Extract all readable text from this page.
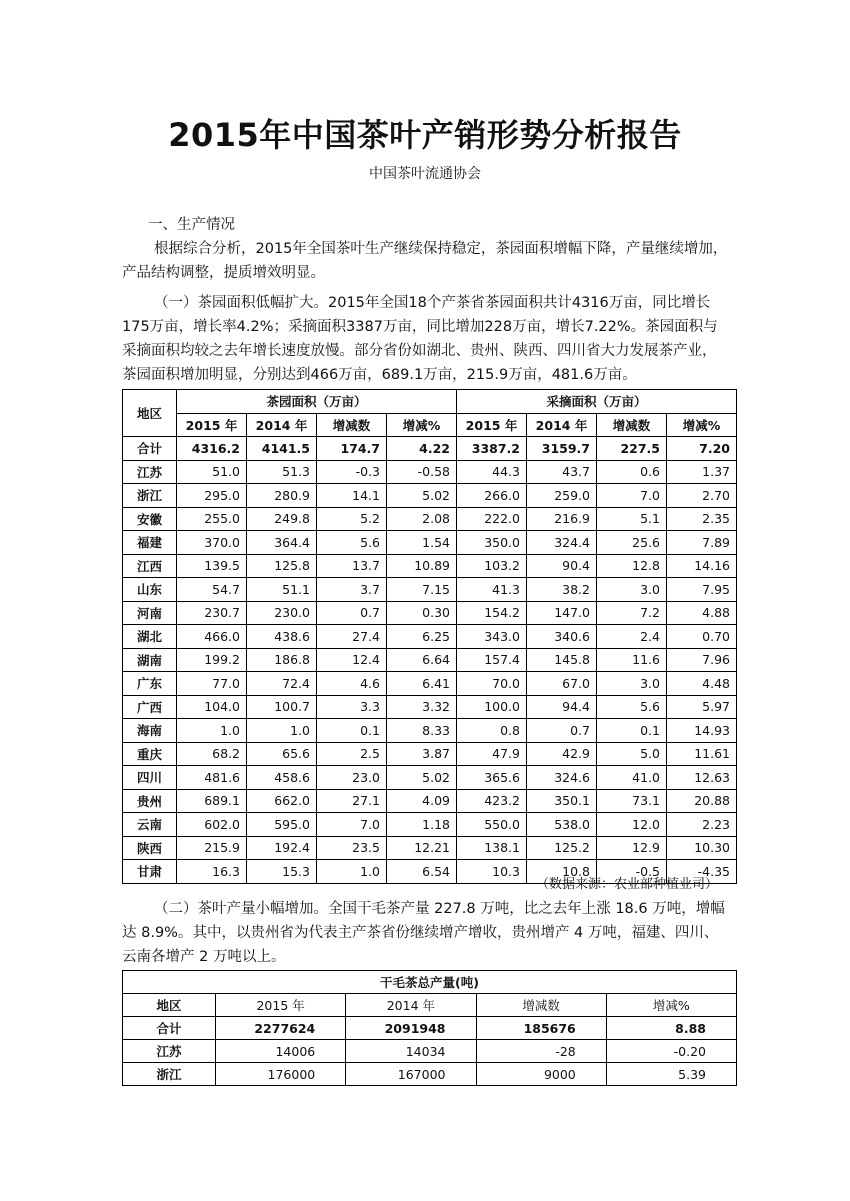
2015年中国茶叶产销形势分析报告

中国茶叶流通协会

一、生产情况

根据综合分析，2015年全国茶叶生产继续保持稳定，茶园面积增幅下降，产量继续增加，产品结构调整，提质增效明显。

（一）茶园面积低幅扩大。2015年全国18个产茶省茶园面积共计4316万亩，同比增长175万亩，增长率4.2%；采摘面积3387万亩，同比增加228万亩，增长7.22%。茶园面积与采摘面积均较之去年增长速度放慢。部分省份如湖北、贵州、陕西、四川省大力发展茶产业，茶园面积增加明显，分别达到466万亩，689.1万亩，215.9万亩，481.6万亩。

地区	茶园面积（万亩）				采摘面积（万亩）			
	2015 年	2014 年	增减数	增减%	2015 年	2014 年	增减数	增减%
合计	4316.2	4141.5	174.7	4.22	3387.2	3159.7	227.5	7.20
江苏	51.0	51.3	-0.3	-0.58	44.3	43.7	0.6	1.37
浙江	295.0	280.9	14.1	5.02	266.0	259.0	7.0	2.70
安徽	255.0	249.8	5.2	2.08	222.0	216.9	5.1	2.35
福建	370.0	364.4	5.6	1.54	350.0	324.4	25.6	7.89
江西	139.5	125.8	13.7	10.89	103.2	90.4	12.8	14.16
山东	54.7	51.1	3.7	7.15	41.3	38.2	3.0	7.95
河南	230.7	230.0	0.7	0.30	154.2	147.0	7.2	4.88
湖北	466.0	438.6	27.4	6.25	343.0	340.6	2.4	0.70
湖南	199.2	186.8	12.4	6.64	157.4	145.8	11.6	7.96
广东	77.0	72.4	4.6	6.41	70.0	67.0	3.0	4.48
广西	104.0	100.7	3.3	3.32	100.0	94.4	5.6	5.97
海南	1.0	1.0	0.1	8.33	0.8	0.7	0.1	14.93
重庆	68.2	65.6	2.5	3.87	47.9	42.9	5.0	11.61
四川	481.6	458.6	23.0	5.02	365.6	324.6	41.0	12.63
贵州	689.1	662.0	27.1	4.09	423.2	350.1	73.1	20.88
云南	602.0	595.0	7.0	1.18	550.0	538.0	12.0	2.23
陕西	215.9	192.4	23.5	12.21	138.1	125.2	12.9	10.30
甘肃	16.3	15.3	1.0	6.54	10.3	10.8	-0.5	-4.35

（数据来源：农业部种植业司）

（二）茶叶产量小幅增加。全国干毛茶产量 227.8 万吨，比之去年上涨 18.6 万吨，增幅达 8.9%。其中，以贵州省为代表主产茶省份继续增产增收，贵州增产 4 万吨，福建、四川、云南各增产 2 万吨以上。

干毛茶总产量(吨)				
地区	2015 年	2014 年	增减数	增减%
合计	2277624	2091948	185676	8.88
江苏	14006	14034	-28	-0.20
浙江	176000	167000	9000	5.39
